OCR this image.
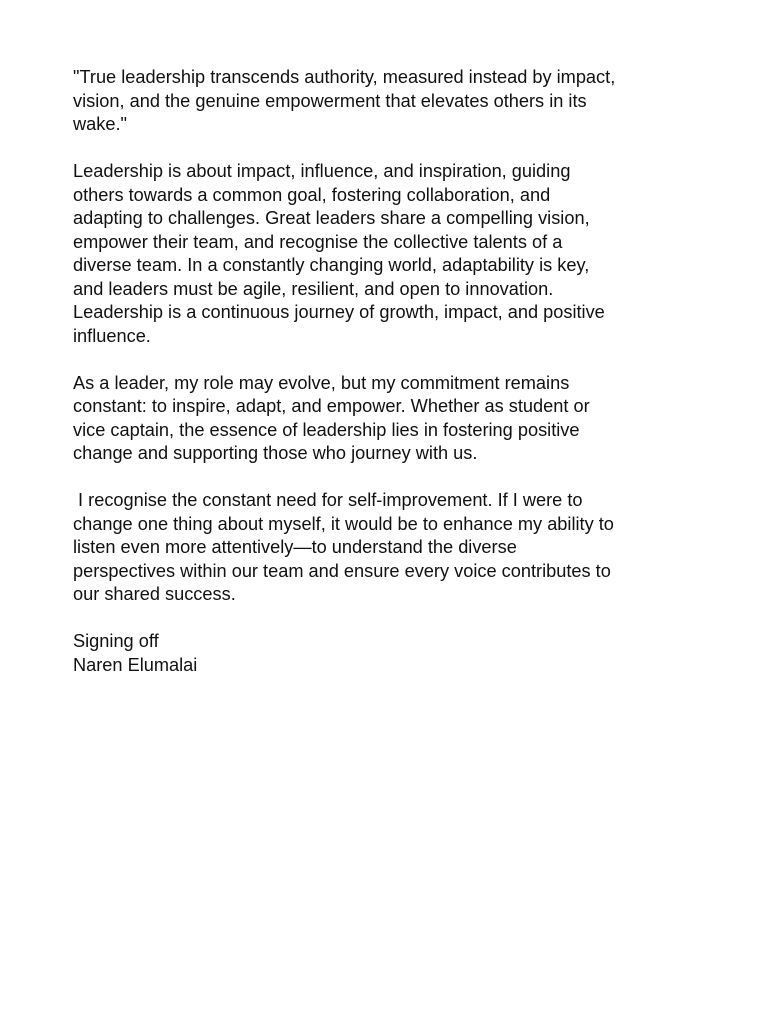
"True leadership transcends authority, measured instead by impact,
vision, and the genuine empowerment that elevates others in its
wake."

Leadership is about impact, influence, and inspiration, guiding
others towards a common goal, fostering collaboration, and
adapting to challenges. Great leaders share a compelling vision,
empower their team, and recognise the collective talents of a
diverse team. In a constantly changing world, adaptability is key,
and leaders must be agile, resilient, and open to innovation.
Leadership is a continuous journey of growth, impact, and positive
influence.

As a leader, my role may evolve, but my commitment remains
constant: to inspire, adapt, and empower. Whether as student or
vice captain, the essence of leadership lies in fostering positive
change and supporting those who journey with us.

I recognise the constant need for self-improvement. If I were to
change one thing about myself, it would be to enhance my ability to
listen even more attentively—to understand the diverse
perspectives within our team and ensure every voice contributes to
our shared success.

Signing off
Naren Elumalai
